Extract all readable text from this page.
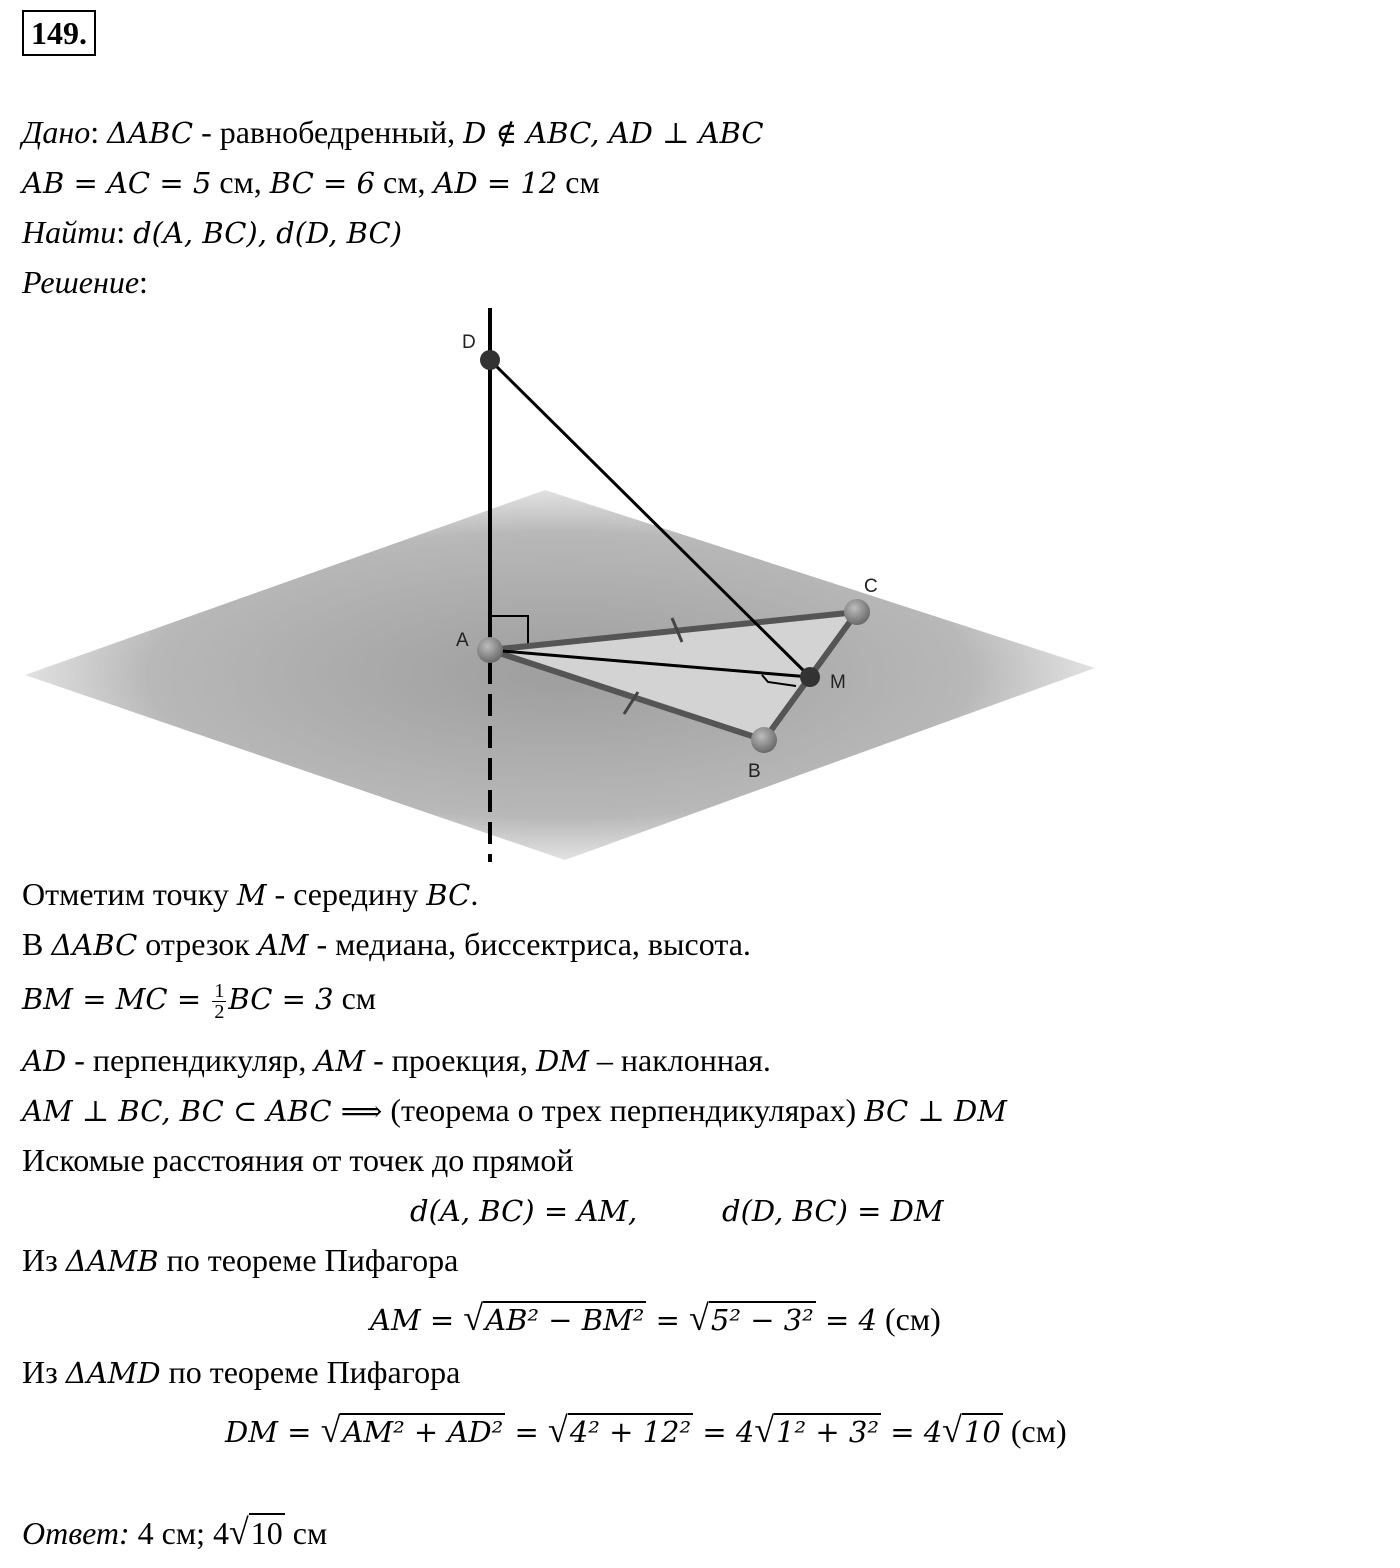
149.
Дано: ΔABC - равнобедренный, D ∉ ABC, AD ⊥ ABC
AB = AC = 5 см, BC = 6 см, AD = 12 см
Найти: d(A, BC), d(D, BC)
Решение:
D
A
C
M
B
Отметим точку M - середину BC.
В ΔABC отрезок AM - медиана, биссектриса, высота.
BM = MC = $\frac{1}{2}$ BC = 3 см
AD - перпендикуляр, AM - проекция, DM – наклонная.
AM ⊥ BC, BC ⊂ ABC ⟹ (теорема о трех перпендикулярах) BC ⊥ DM
Искомые расстояния от точек до прямой
d(A, BC) = AM,	d(D, BC) = DM
Из ΔAMB по теореме Пифагора
AM = √AB² − BM² = √5² − 3² = 4 (см)
Из ΔAMD по теореме Пифагора
DM = √AM² + AD² = √4² + 12² = 4√1² + 3² = 4√10 (см)
Ответ: 4 см; 4√10 см
